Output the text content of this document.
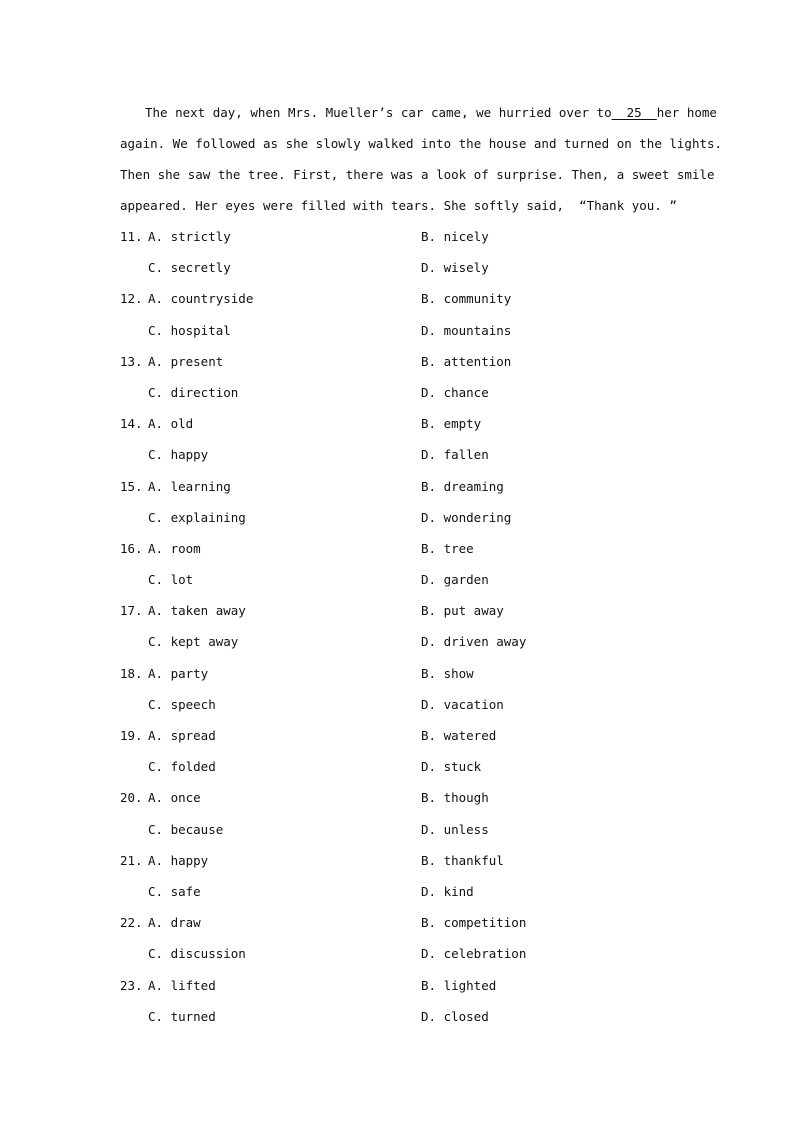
The next day, when Mrs. Mueller’s car came, we hurried over to __25__ her home
again. We followed as she slowly walked into the house and turned on the lights.
Then she saw the tree. First, there was a look of surprise. Then, a sweet smile
appeared. Her eyes were filled with tears. She softly said,  “Thank you. ”
11. A. strictly	B. nicely
C. secretly	D. wisely
12. A. countryside	B. community
C. hospital	D. mountains
13. A. present	B. attention
C. direction	D. chance
14. A. old	B. empty
C. happy	D. fallen
15. A. learning	B. dreaming
C. explaining	D. wondering
16. A. room	B. tree
C. lot	D. garden
17. A. taken away	B. put away
C. kept away	D. driven away
18. A. party	B. show
C. speech	D. vacation
19. A. spread	B. watered
C. folded	D. stuck
20. A. once	B. though
C. because	D. unless
21. A. happy	B. thankful
C. safe	D. kind
22. A. draw	B. competition
C. discussion	D. celebration
23. A. lifted	B. lighted
C. turned	D. closed
